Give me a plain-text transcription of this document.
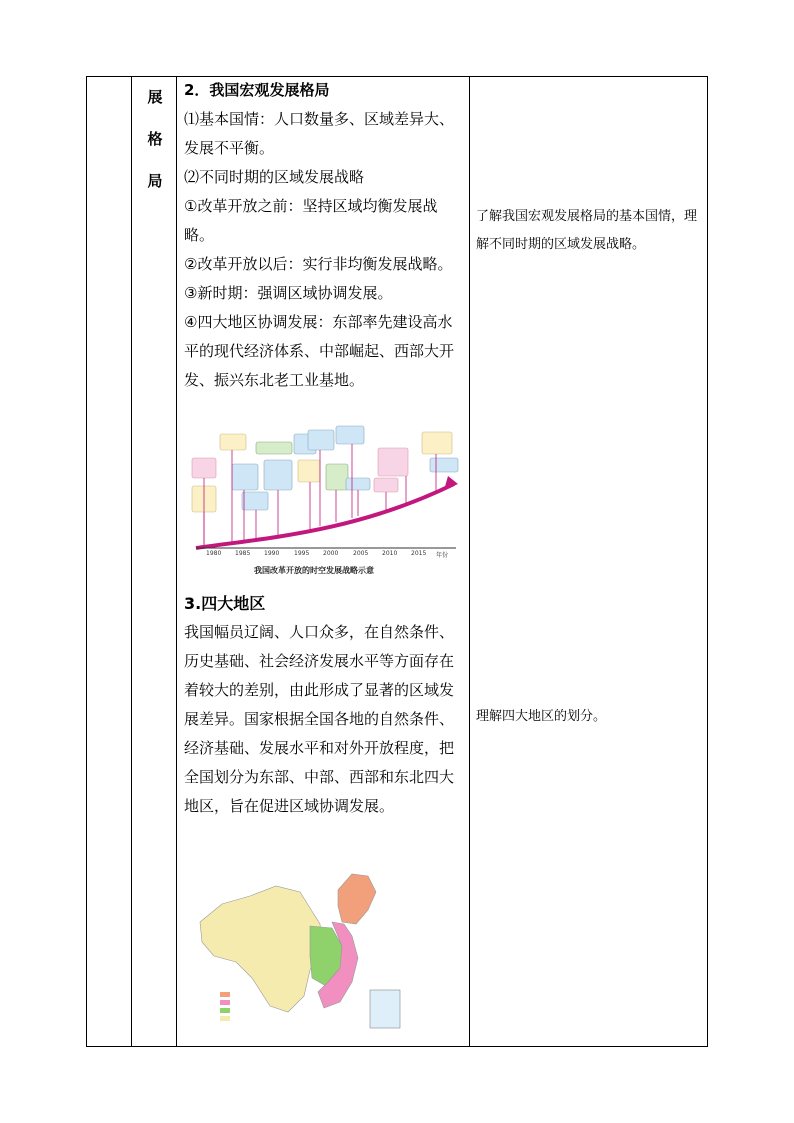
展
格
局

2．我国宏观发展格局

⑴基本国情：人口数量多、区域差异大、发展不平衡。

⑵不同时期的区域发展战略

①改革开放之前：坚持区域均衡发展战略。

②改革开放以后：实行非均衡发展战略。

③新时期：强调区域协调发展。

④四大地区协调发展：东部率先建设高水平的现代经济体系、中部崛起、西部大开发、振兴东北老工业基地。

1980 1985 1990 1995 2000 2005 2010 2015 年份
我国改革开放的时空发展战略示意

3.四大地区

我国幅员辽阔、人口众多，在自然条件、历史基础、社会经济发展水平等方面存在着较大的差别，由此形成了显著的区域发展差异。国家根据全国各地的自然条件、经济基础、发展水平和对外开放程度，把全国划分为东部、中部、西部和东北四大地区，旨在促进区域协调发展。

了解我国宏观发展格局的基本国情，理解不同时期的区域发展战略。
理解四大地区的划分。
